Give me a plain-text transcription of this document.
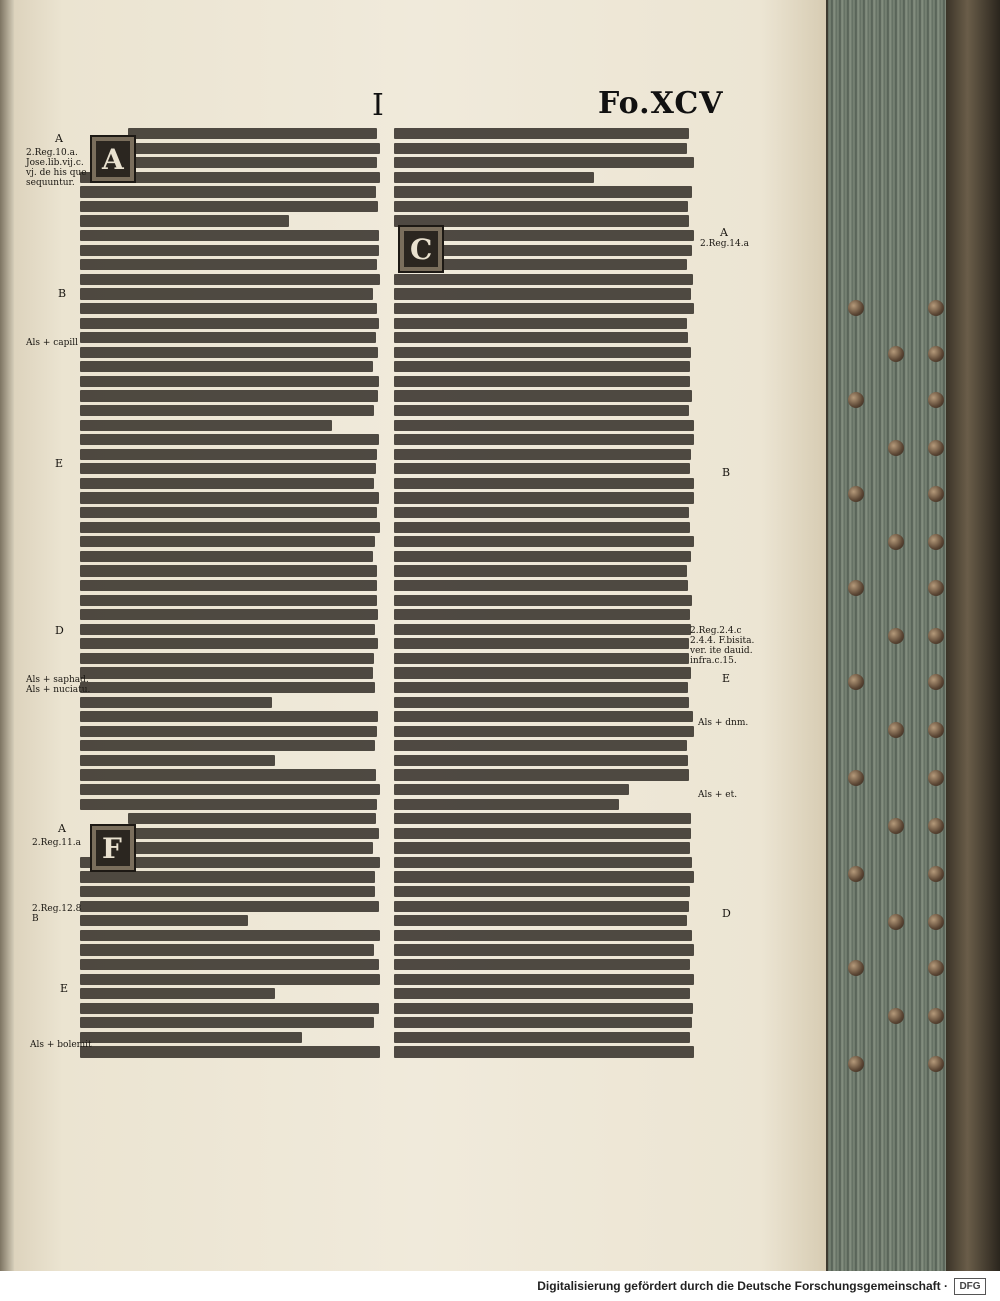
I	Fo.XCV
A
C
F
A
2.Reg.10.a.
Jose.lib.vij.c.
vj. de his que
sequuntur.
B
Als + capill
E
D
Als + saphad.
Als + nuciatu.
A
2.Reg.11.a
2.Reg.12.8
B
E
Als + bolemit
A
2.Reg.14.a
B
2.Reg.2.4.c
2.4.4. F.bisita.
ver. ite dauid.
infra.c.15.
E
Als + dnm.
Als + et.
D
Digitalisierung gefördert durch die Deutsche Forschungsgemeinschaft ·	DFG
